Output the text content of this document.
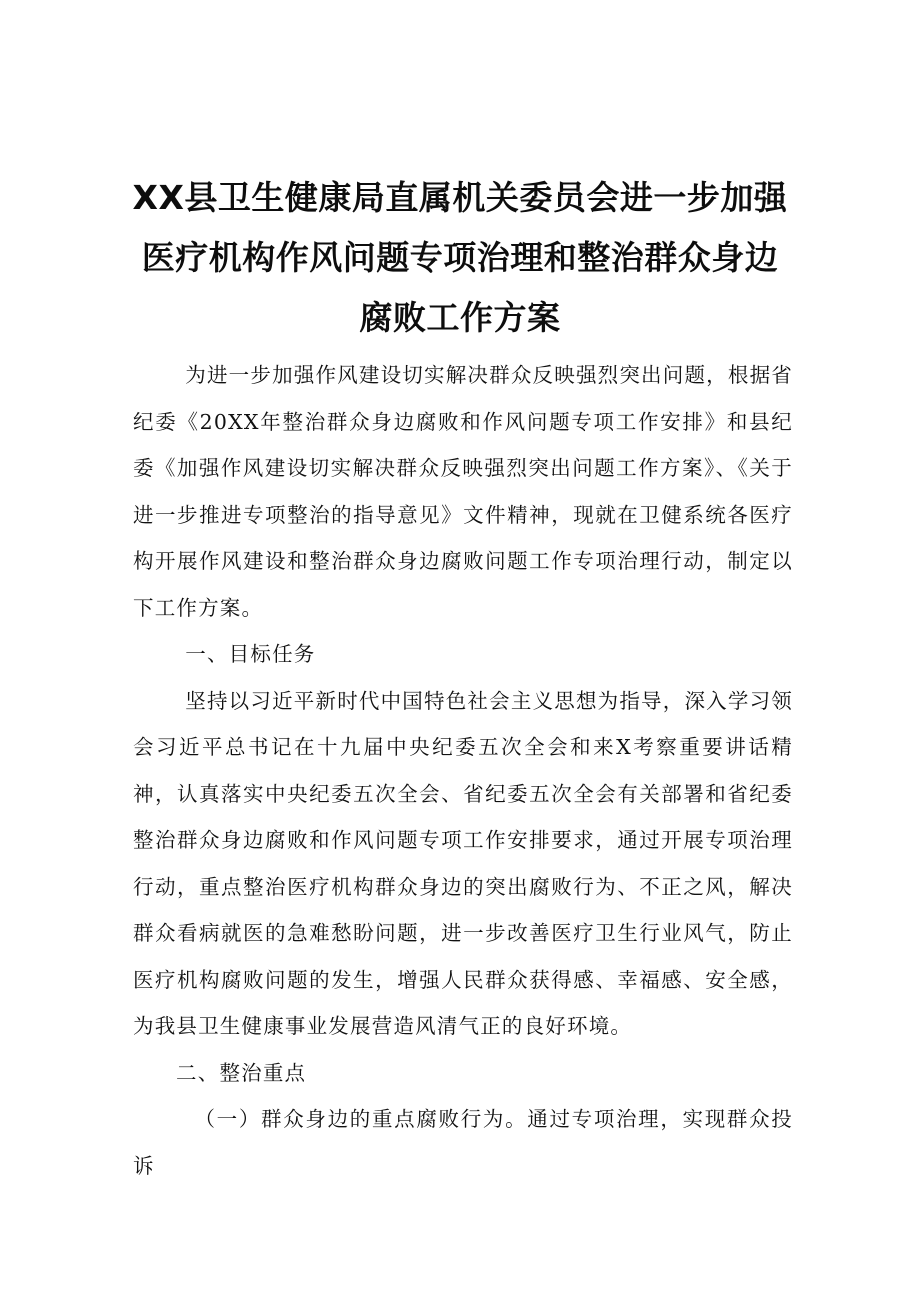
XX县卫生健康局直属机关委员会进一步加强
医疗机构作风问题专项治理和整治群众身边
腐败工作方案

为进一步加强作风建设切实解决群众反映强烈突出问题，根据省纪委《20XX年整治群众身边腐败和作风问题专项工作安排》和县纪委《加强作风建设切实解决群众反映强烈突出问题工作方案》、《关于进一步推进专项整治的指导意见》文件精神，现就在卫健系统各医疗构开展作风建设和整治群众身边腐败问题工作专项治理行动，制定以下工作方案。

一、目标任务

坚持以习近平新时代中国特色社会主义思想为指导，深入学习领会习近平总书记在十九届中央纪委五次全会和来X考察重要讲话精神，认真落实中央纪委五次全会、省纪委五次全会有关部署和省纪委整治群众身边腐败和作风问题专项工作安排要求，通过开展专项治理行动，重点整治医疗机构群众身边的突出腐败行为、不正之风，解决群众看病就医的急难愁盼问题，进一步改善医疗卫生行业风气，防止医疗机构腐败问题的发生，增强人民群众获得感、幸福感、安全感，为我县卫生健康事业发展营造风清气正的良好环境。

二、整治重点

（一）群众身边的重点腐败行为。通过专项治理，实现群众投诉
